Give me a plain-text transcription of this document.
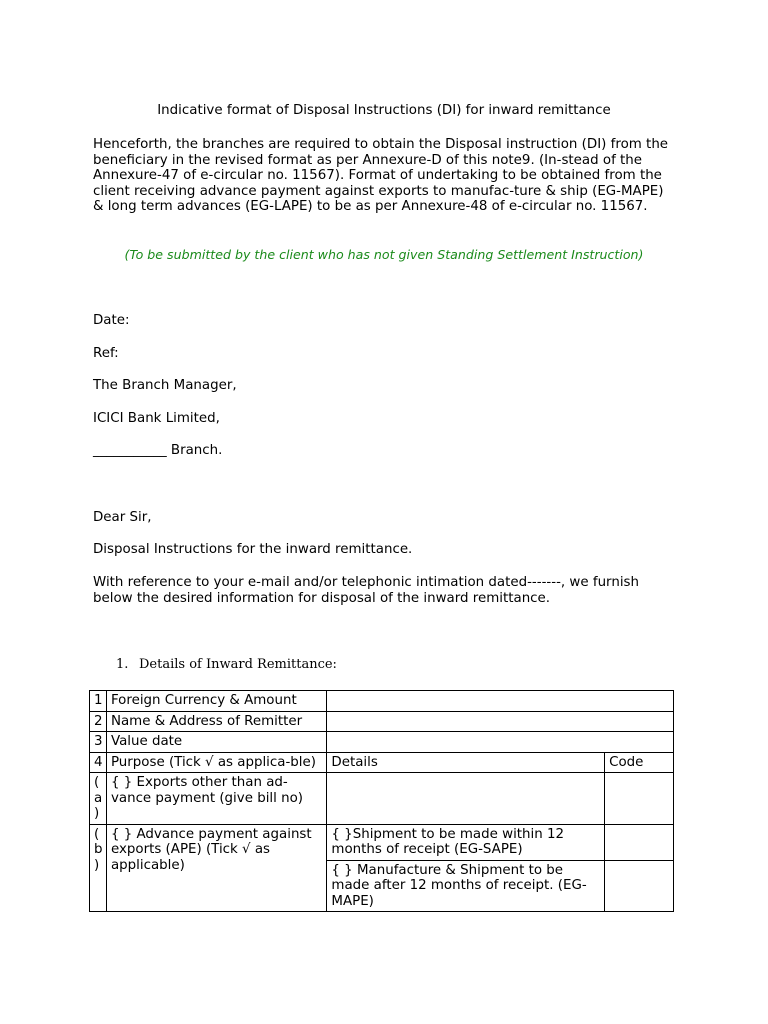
Indicative format of Disposal Instructions (DI) for inward remittance

Henceforth, the branches are required to obtain the Disposal instruction (DI) from the beneficiary in the revised format as per Annexure-D of this note9. (In-stead of the Annexure-47 of e-circular no. 11567). Format of undertaking to be obtained from the client receiving advance payment against exports to manufac-ture & ship (EG-MAPE) & long term advances (EG-LAPE) to be as per Annexure-48 of e-circular no. 11567.

(To be submitted by the client who has not given Standing Settlement Instruction)

Date:

Ref:

The Branch Manager,

ICICI Bank Limited,

___________ Branch.

Dear Sir,

Disposal Instructions for the inward remittance.

With reference to your e-mail and/or telephonic intimation dated-------, we furnish below the desired information for disposal of the inward remittance.

1. Details of Inward Remittance:

1	Foreign Currency & Amount		
2	Name & Address of Remitter		
3	Value date		
4	Purpose (Tick √ as applica-ble)	Details	Code
(a)	{ } Exports other than ad-vance payment (give bill no)		
(b)	{ } Advance payment against exports (APE) (Tick √ as applicable)	{ }Shipment to be made within 12 months of receipt (EG-SAPE)	
		{ } Manufacture & Shipment to be made after 12 months of receipt. (EG-MAPE)	
